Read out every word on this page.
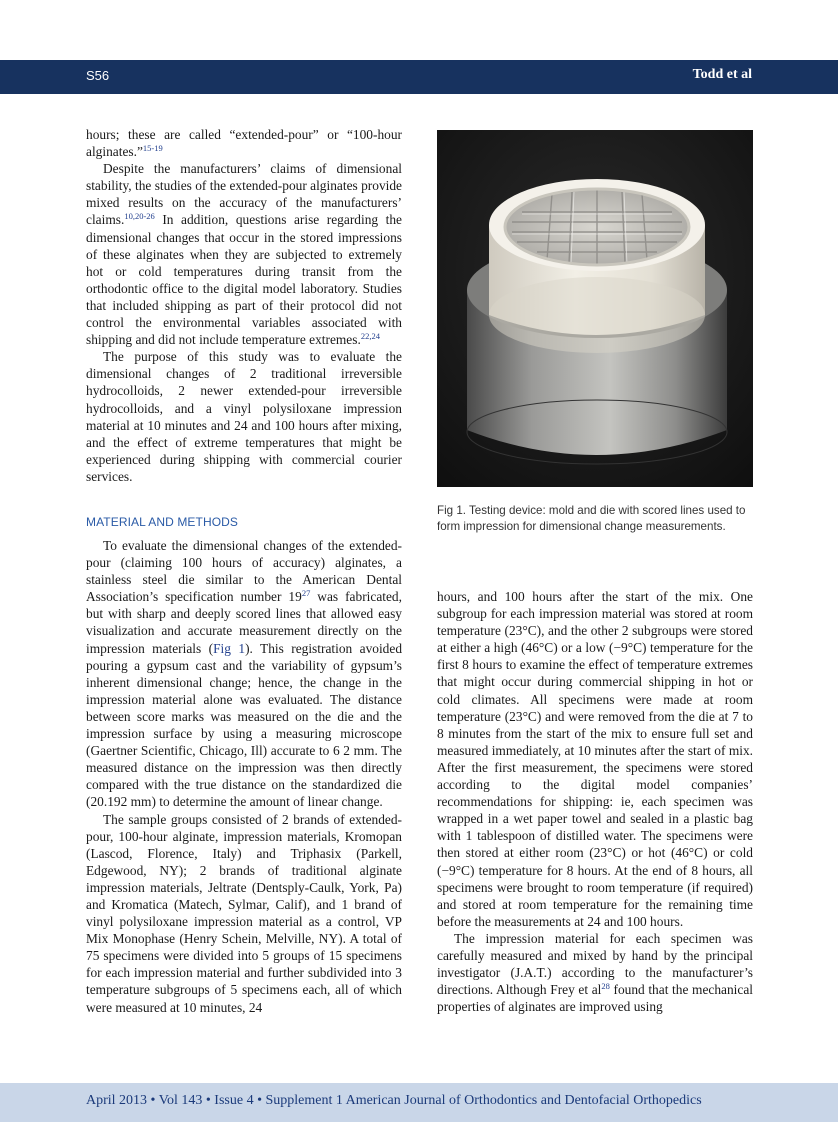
S56	Todd et al

hours; these are called “extended-pour” or “100-hour alginates.”$^{15-19}$

Despite the manufacturers’ claims of dimensional stability, the studies of the extended-pour alginates provide mixed results on the accuracy of the manufacturers’ claims.$^{10,20-26}$ In addition, questions arise regarding the dimensional changes that occur in the stored impressions of these alginates when they are subjected to extremely hot or cold temperatures during transit from the orthodontic office to the digital model laboratory. Studies that included shipping as part of their protocol did not control the environmental variables associated with shipping and did not include temperature extremes.$^{22,24}$

The purpose of this study was to evaluate the dimensional changes of 2 traditional irreversible hydrocolloids, 2 newer extended-pour irreversible hydrocolloids, and a vinyl polysiloxane impression material at 10 minutes and 24 and 100 hours after mixing, and the effect of extreme temperatures that might be experienced during shipping with commercial courier services.

MATERIAL AND METHODS

To evaluate the dimensional changes of the extended-pour (claiming 100 hours of accuracy) alginates, a stainless steel die similar to the American Dental Association’s specification number $19^{27}$ was fabricated, but with sharp and deeply scored lines that allowed easy visualization and accurate measurement directly on the impression materials (Fig 1). This registration avoided pouring a gypsum cast and the variability of gypsum’s inherent dimensional change; hence, the change in the impression material alone was evaluated. The distance between score marks was measured on the die and the impression surface by using a measuring microscope (Gaertner Scientific, Chicago, Ill) accurate to 6 2 mm. The measured distance on the impression was then directly compared with the true distance on the standardized die (20.192 mm) to determine the amount of linear change.

The sample groups consisted of 2 brands of extended-pour, 100-hour alginate, impression materials, Kromopan (Lascod, Florence, Italy) and Triphasix (Parkell, Edgewood, NY); 2 brands of traditional alginate impression materials, Jeltrate (Dentsply-Caulk, York, Pa) and Kromatica (Matech, Sylmar, Calif), and 1 brand of vinyl polysiloxane impression material as a control, VP Mix Monophase (Henry Schein, Melville, NY). A total of 75 specimens were divided into 5 groups of 15 specimens for each impression material and further subdivided into 3 temperature subgroups of 5 specimens each, all of which were measured at 10 minutes, 24

Fig 1. Testing device: mold and die with scored lines used to form impression for dimensional change measurements.

hours, and 100 hours after the start of the mix. One subgroup for each impression material was stored at room temperature (23°C), and the other 2 subgroups were stored at either a high (46°C) or a low (−9°C) temperature for the first 8 hours to examine the effect of temperature extremes that might occur during commercial shipping in hot or cold climates. All specimens were made at room temperature (23°C) and were removed from the die at 7 to 8 minutes from the start of the mix to ensure full set and measured immediately, at 10 minutes after the start of mix. After the first measurement, the specimens were stored according to the digital model companies’ recommendations for shipping: ie, each specimen was wrapped in a wet paper towel and sealed in a plastic bag with 1 tablespoon of distilled water. The specimens were then stored at either room (23°C) or hot (46°C) or cold (−9°C) temperature for 8 hours. At the end of 8 hours, all specimens were brought to room temperature (if required) and stored at room temperature for the remaining time before the measurements at 24 and 100 hours.

The impression material for each specimen was carefully measured and mixed by hand by the principal investigator (J.A.T.) according to the manufacturer’s directions. Although Frey et $al^{28}$ found that the mechanical properties of alginates are improved using

April 2013 • Vol 143 • Issue 4 • Supplement 1 American Journal of Orthodontics and Dentofacial Orthopedics
